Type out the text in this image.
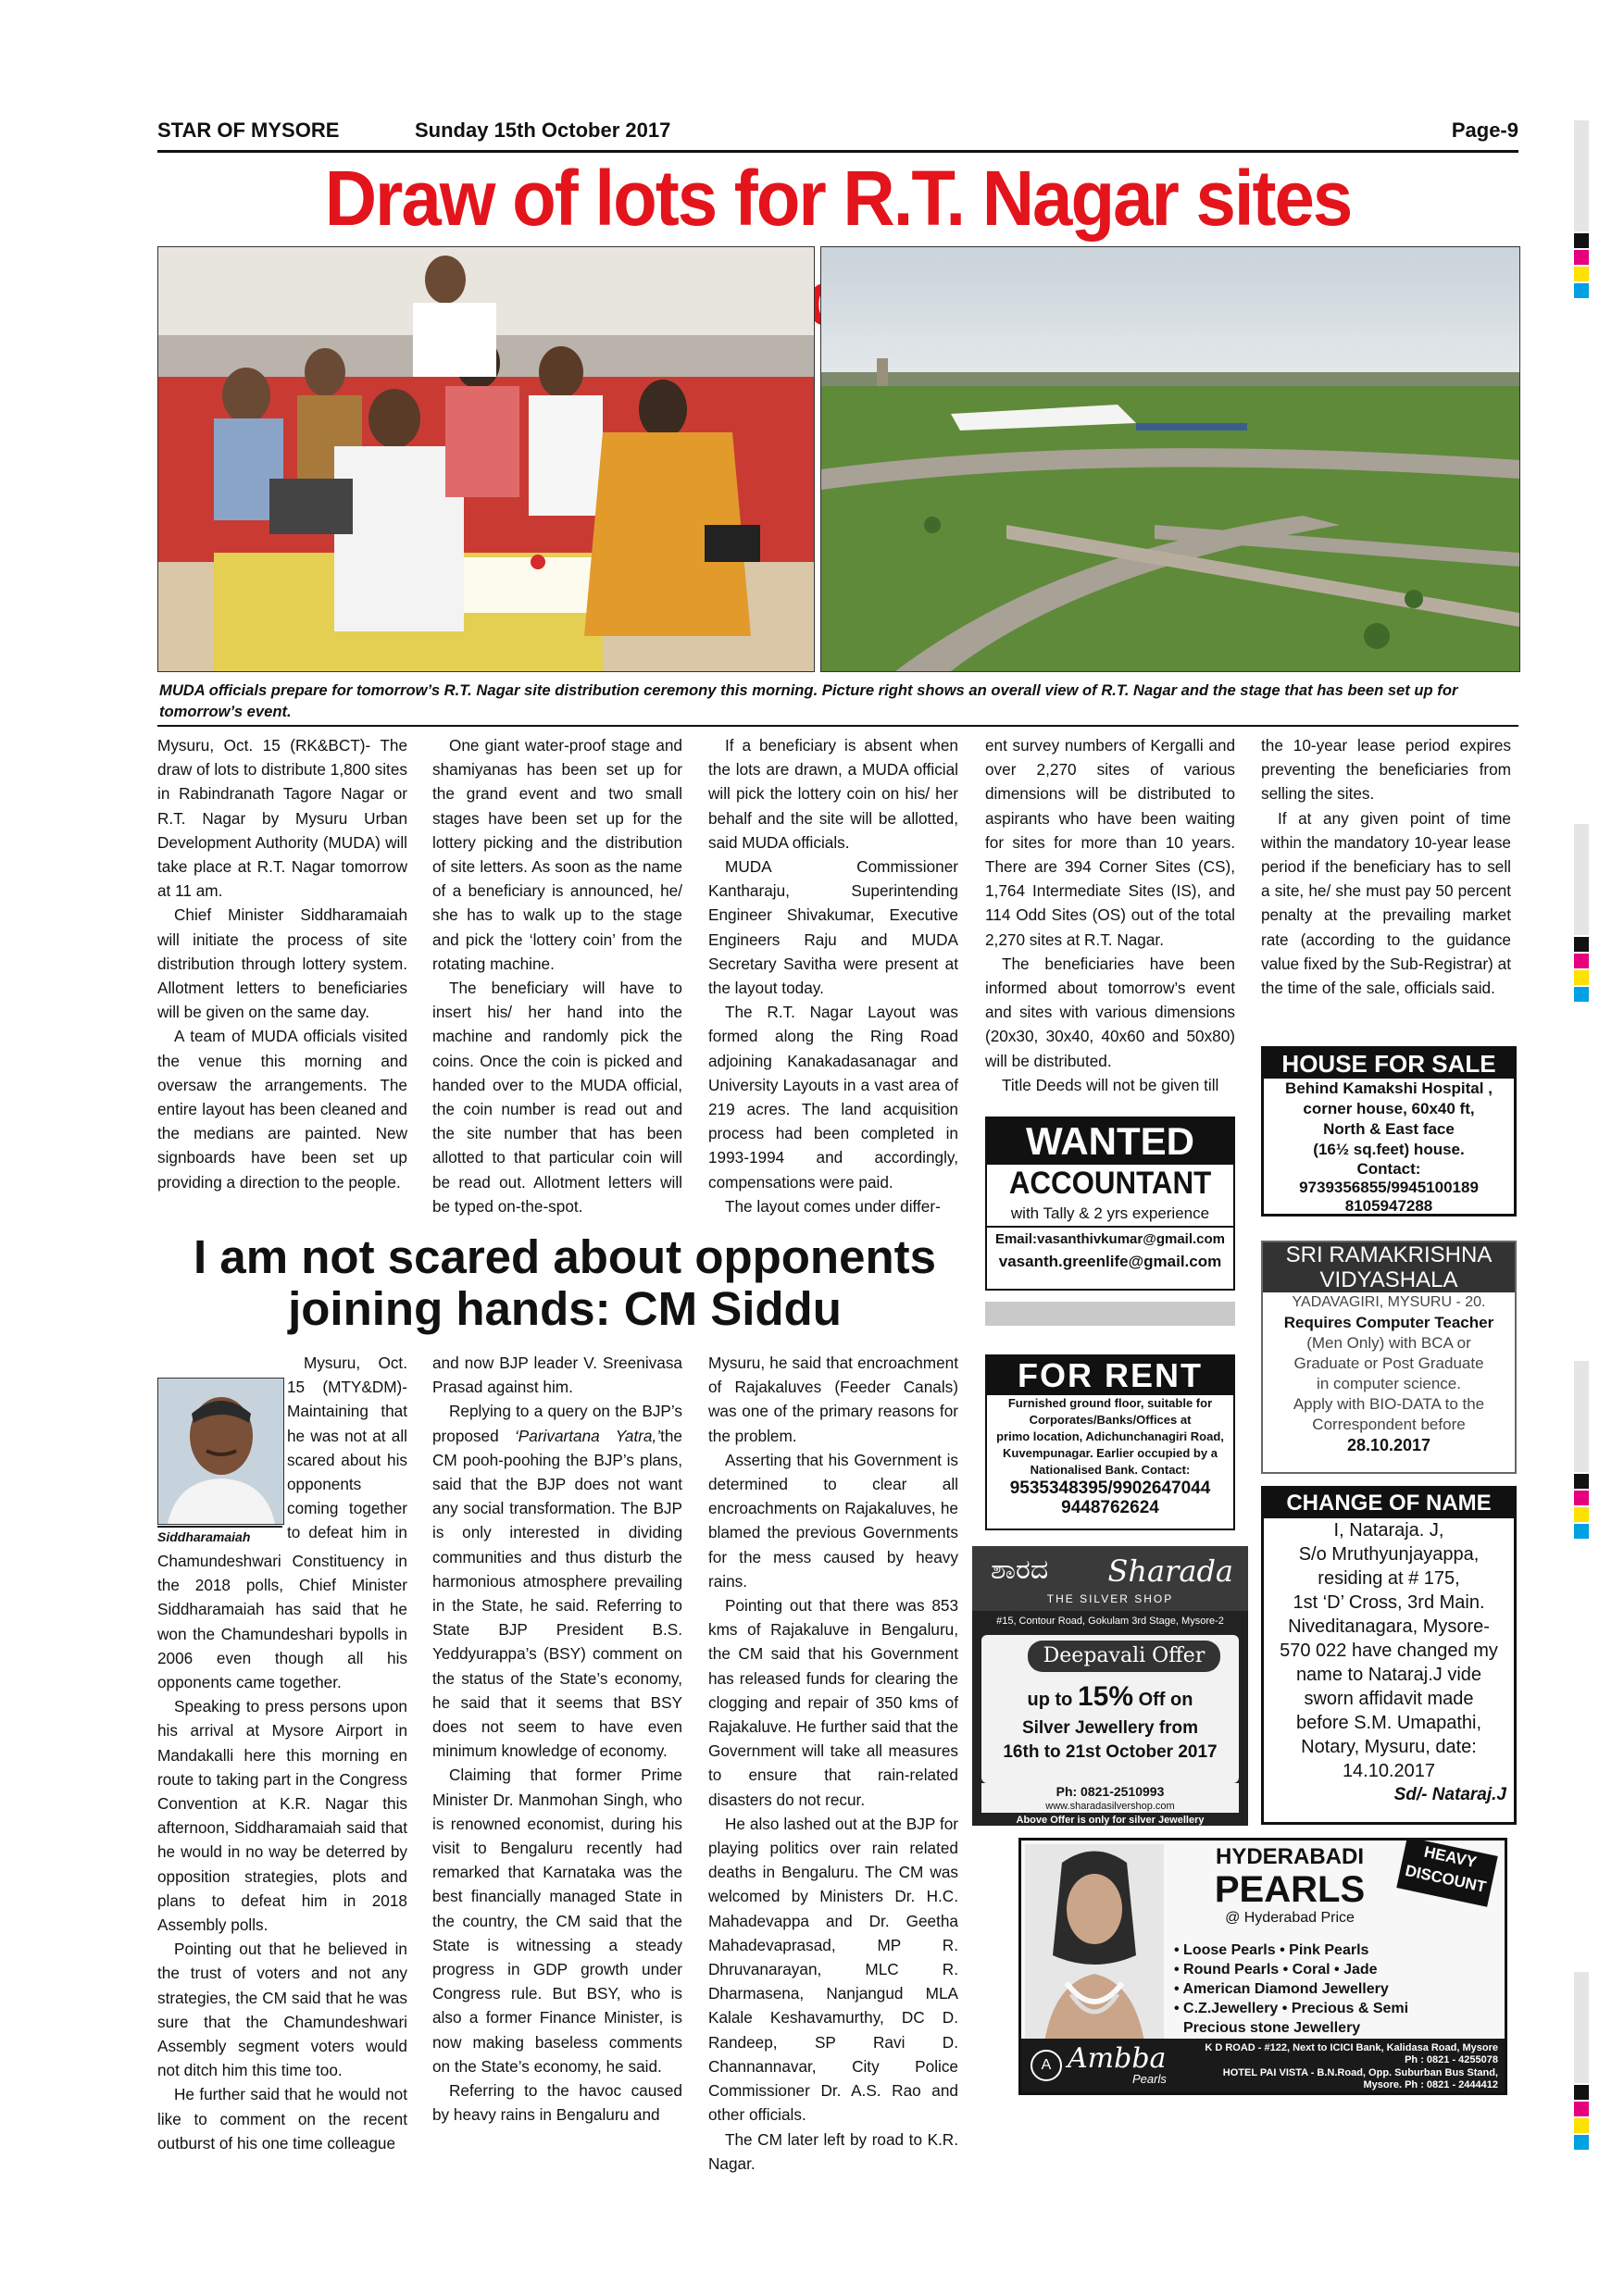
STAR OF MYSORE	Sunday 15th October 2017	Page-9
Draw of lots for R.T. Nagar sites
MUDA officials prepare for tomorrow’s R.T. Nagar site distribution ceremony this morning. Picture right shows an overall view of R.T. Nagar and the stage that has been set up for tomorrow’s event.

Mysuru, Oct. 15 (RK&BCT)- The draw of lots to distribute 1,800 sites in Rabindranath Tagore Nagar or R.T. Nagar by Mysuru Urban Development Authority (MUDA) will take place at R.T. Nagar tomorrow at 11 am.

Chief Minister Siddharamaiah will initiate the process of site distribution through lottery system. Allotment letters to beneficiaries will be given on the same day.

A team of MUDA officials visited the venue this morning and oversaw the arrangements. The entire layout has been cleaned and the medians are painted. New signboards have been set up providing a direction to the people.

One giant water-proof stage and shamiyanas has been set up for the grand event and two small stages have been set up for the lottery picking and the distribution of site letters. As soon as the name of a beneficiary is announced, he/ she has to walk up to the stage and pick the ‘lottery coin’ from the rotating machine.

The beneficiary will have to insert his/ her hand into the machine and randomly pick the coins. Once the coin is picked and handed over to the MUDA official, the coin number is read out and the site number that has been allotted to that particular coin will be read out. Allotment letters will be typed on-the-spot.

If a beneficiary is absent when the lots are drawn, a MUDA official will pick the lottery coin on his/ her behalf and the site will be allotted, said MUDA officials.

MUDA Commissioner Kantharaju, Superintending Engineer Shivakumar, Executive Engineers Raju and MUDA Secretary Savitha were present at the layout today.

The R.T. Nagar Layout was formed along the Ring Road adjoining Kanakadasanagar and University Layouts in a vast area of 219 acres. The land acquisition process had been completed in 1993-1994 and accordingly, compensations were paid.

The layout comes under differ-

ent survey numbers of Kergalli and over 2,270 sites of various dimensions will be distributed to aspirants who have been waiting for sites for more than 10 years. There are 394 Corner Sites (CS), 1,764 Intermediate Sites (IS), and 114 Odd Sites (OS) out of the total 2,270 sites at R.T. Nagar.

The beneficiaries have been informed about tomorrow’s event and sites with various dimensions (20x30, 30x40, 40x60 and 50x80) will be distributed.

Title Deeds will not be given till

the 10-year lease period expires preventing the beneficiaries from selling the sites.

If at any given point of time within the mandatory 10-year lease period if the beneficiary has to sell a site, he/ she must pay 50 percent penalty at the prevailing market rate (according to the guidance value fixed by the Sub-Registrar) at the time of the sale, officials said.

I am not scared about opponents joining hands: CM Siddu
Siddharamaiah

Mysuru, Oct. 15 (MTY&DM)- Maintaining that he was not at all scared about his opponents coming together to defeat him in Chamundeshwari Constituency in the 2018 polls, Chief Minister Siddharamaiah has said that he won the Chamundeshari bypolls in 2006 even though all his opponents came together.

Speaking to press persons upon his arrival at Mysore Airport in Mandakalli here this morning en route to taking part in the Congress Convention at K.R. Nagar this afternoon, Siddharamaiah said that he would in no way be deterred by opposition strategies, plots and plans to defeat him in 2018 Assembly polls.

Pointing out that he believed in the trust of voters and not any strategies, the CM said that he was sure that the Chamundeshwari Assembly segment voters would not ditch him this time too.

He further said that he would not like to comment on the recent outburst of his one time colleague

and now BJP leader V. Sreenivasa Prasad against him.

Replying to a query on the BJP’s proposed ‘Parivartana Yatra,’the CM pooh-poohing the BJP’s plans, said that the BJP does not want any social transformation. The BJP is only interested in dividing communities and thus disturb the harmonious atmosphere prevailing in the State, he said. Referring to State BJP President B.S. Yeddyurappa’s (BSY) comment on the status of the State’s economy, he said that it seems that BSY does not seem to have even minimum knowledge of economy.

Claiming that former Prime Minister Dr. Manmohan Singh, who is renowned economist, during his visit to Bengaluru recently had remarked that Karnataka was the best financially managed State in the country, the CM said that the State is witnessing a steady progress in GDP growth under Congress rule. But BSY, who is also a former Finance Minister, is now making baseless comments on the State’s economy, he said.

Referring to the havoc caused by heavy rains in Bengaluru and

Mysuru, he said that encroachment of Rajakaluves (Feeder Canals) was one of the primary reasons for the problem.

Asserting that his Government is determined to clear all encroachments on Rajakaluves, he blamed the previous Governments for the mess caused by heavy rains.

Pointing out that there was 853 kms of Rajakaluve in Bengaluru, the CM said that his Government has released funds for clearing the clogging and repair of 350 kms of Rajakaluve. He further said that the Government will take all measures to ensure that rain-related disasters do not recur.

He also lashed out at the BJP for playing politics over rain related deaths in Bengaluru. The CM was welcomed by Ministers Dr. H.C. Mahadevappa and Dr. Geetha Mahadevaprasad, MP R. Dhruvanarayan, MLC R. Dharmasena, Nanjangud MLA Kalale Keshavamurthy, DC D. Randeep, SP Ravi D. Channannavar, City Police Commissioner Dr. A.S. Rao and other officials.

The CM later left by road to K.R. Nagar.

WANTED
ACCOUNTANT
with Tally & 2 yrs experience
Email:vasanthivkumar@gmail.com
vasanth.greenlife@gmail.com
FOR RENT
Furnished ground floor, suitable for
Corporates/Banks/Offices at
primo location, Adichunchanagiri Road,
Kuvempunagar. Earlier occupied by a
Nationalised Bank. Contact:
9535348395/9902647044
9448762624
ಶಾರದ Sharada
THE SILVER SHOP
#15, Contour Road, Gokulam 3rd Stage, Mysore-2
Deepavali Offer
up to 15% Off on
Silver Jewellery from
16th to 21st October 2017
Ph: 0821-2510993
www.sharadasilvershop.com
Above Offer is only for silver Jewellery
HOUSE FOR SALE
Behind Kamakshi Hospital ,
corner house, 60x40 ft,
North & East face
(16½ sq.feet) house.
Contact:
9739356855/9945100189
8105947288
SRI RAMAKRISHNA
VIDYASHALA
YADAVAGIRI, MYSURU - 20.
Requires Computer Teacher
(Men Only) with BCA or
Graduate or Post Graduate
in computer science.
Apply with BIO-DATA to the
Correspondent before
28.10.2017
CHANGE OF NAME
I, Nataraja. J,
S/o Mruthyunjayappa,
residing at # 175,
1st ‘D’ Cross, 3rd Main.
Niveditanagara, Mysore-
570 022 have changed my
name to Nataraj.J vide
sworn affidavit made
before S.M. Umapathi,
Notary, Mysuru, date:
14.10.2017
Sd/- Nataraj.J
HYDERABADI
PEARLS
@ Hyderabad Price
HEAVY DISCOUNT
• Loose Pearls • Pink Pearls
• Round Pearls • Coral • Jade
• American Diamond Jewellery
• C.Z.Jewellery • Precious & Semi
Precious stone Jewellery
A Ambba
Pearls
K D ROAD - #122, Next to ICICI Bank, Kalidasa Road, Mysore Ph : 0821 - 4255078
HOTEL PAI VISTA - B.N.Road, Opp. Suburban Bus Stand, Mysore. Ph : 0821 - 2444412
